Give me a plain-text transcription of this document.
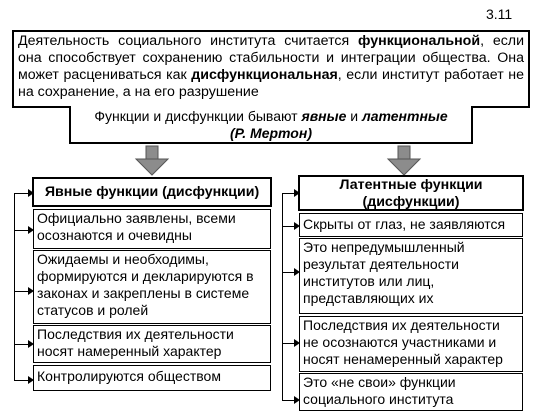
3.11
Деятельность социального института считается функциональной, если она способствует сохранению стабильности и интеграции общества. Она может расцениваться как дисфункциональная, если институт работает не на сохранение, а на его разрушение
Функции и дисфункции бывают явные и латентные
(Р. Мертон)
Явные функции (дисфункции)
Официально заявлены, всеми осознаются и очевидны
Ожидаемы и необходимы, формируются и декларируются в законах и закреплены в системе статусов и ролей
Последствия их деятельности носят намеренный характер
Контролируются обществом
Латентные функции (дисфункции)
Скрыты от глаз, не заявляются
Это непредумышленный результат деятельности институтов или лиц, представляющих их
Последствия их деятельности не осознаются участниками и носят ненамеренный характер
Это «не свои» функции социального института
